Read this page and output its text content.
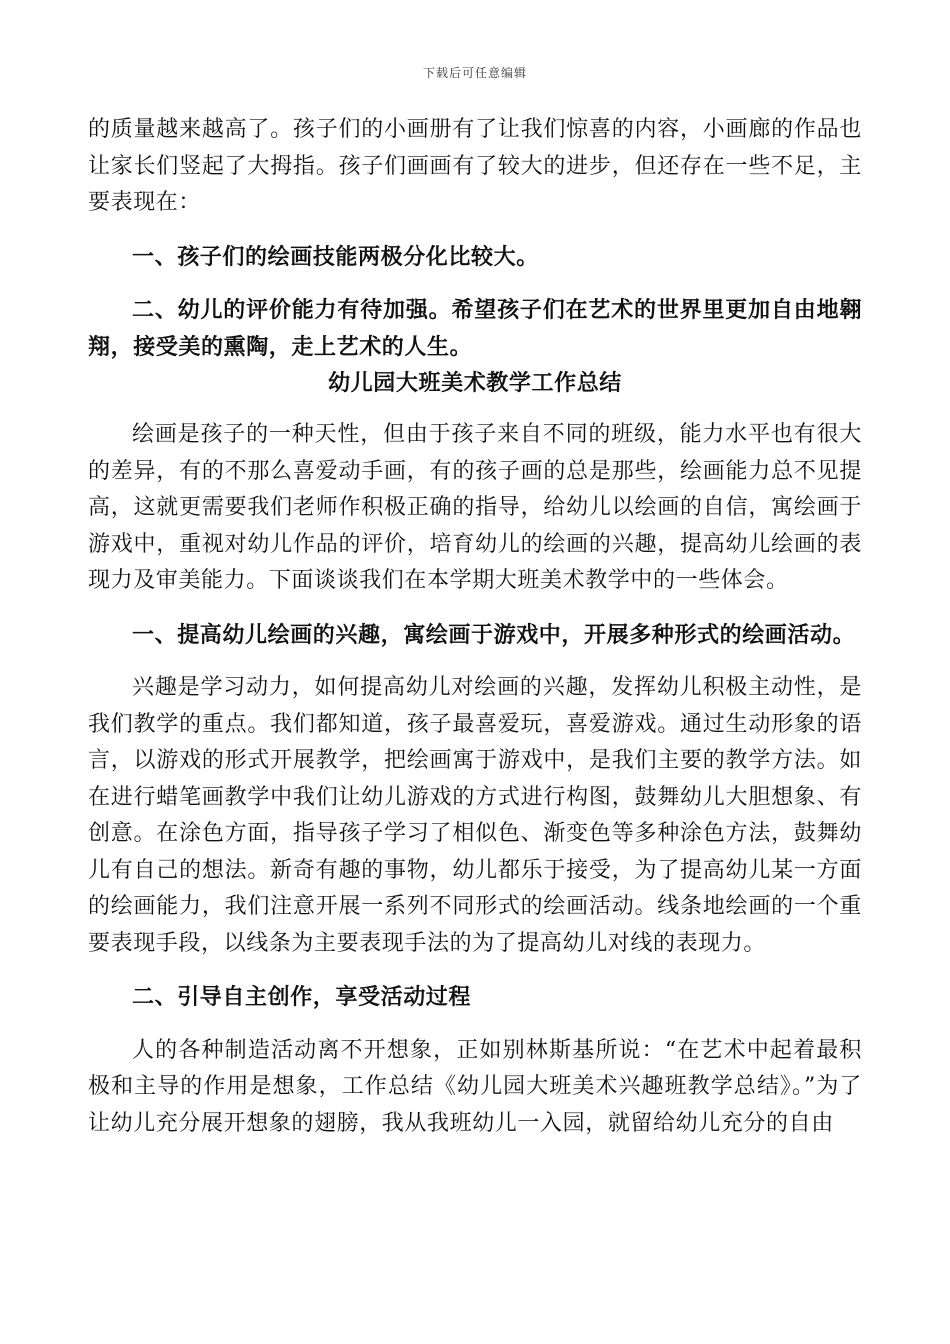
下载后可任意编辑

的质量越来越高了。孩子们的小画册有了让我们惊喜的内容，小画廊的作品也让家长们竖起了大拇指。孩子们画画有了较大的进步，但还存在一些不足，主要表现在：

一、孩子们的绘画技能两极分化比较大。

二、幼儿的评价能力有待加强。希望孩子们在艺术的世界里更加自由地翱翔，接受美的熏陶，走上艺术的人生。

幼儿园大班美术教学工作总结

绘画是孩子的一种天性，但由于孩子来自不同的班级，能力水平也有很大的差异，有的不那么喜爱动手画，有的孩子画的总是那些，绘画能力总不见提高，这就更需要我们老师作积极正确的指导，给幼儿以绘画的自信，寓绘画于游戏中，重视对幼儿作品的评价，培育幼儿的绘画的兴趣，提高幼儿绘画的表现力及审美能力。下面谈谈我们在本学期大班美术教学中的一些体会。

一、提高幼儿绘画的兴趣，寓绘画于游戏中，开展多种形式的绘画活动。

兴趣是学习动力，如何提高幼儿对绘画的兴趣，发挥幼儿积极主动性，是我们教学的重点。我们都知道，孩子最喜爱玩，喜爱游戏。通过生动形象的语言，以游戏的形式开展教学，把绘画寓于游戏中，是我们主要的教学方法。如在进行蜡笔画教学中我们让幼儿游戏的方式进行构图，鼓舞幼儿大胆想象、有创意。在涂色方面，指导孩子学习了相似色、渐变色等多种涂色方法，鼓舞幼儿有自己的想法。新奇有趣的事物，幼儿都乐于接受，为了提高幼儿某一方面的绘画能力，我们注意开展一系列不同形式的绘画活动。线条地绘画的一个重要表现手段，以线条为主要表现手法的为了提高幼儿对线的表现力。

二、引导自主创作，享受活动过程

人的各种制造活动离不开想象，正如别林斯基所说：“在艺术中起着最积极和主导的作用是想象，工作总结《幼儿园大班美术兴趣班教学总结》。”为了让幼儿充分展开想象的翅膀，我从我班幼儿一入园，就留给幼儿充分的自由
